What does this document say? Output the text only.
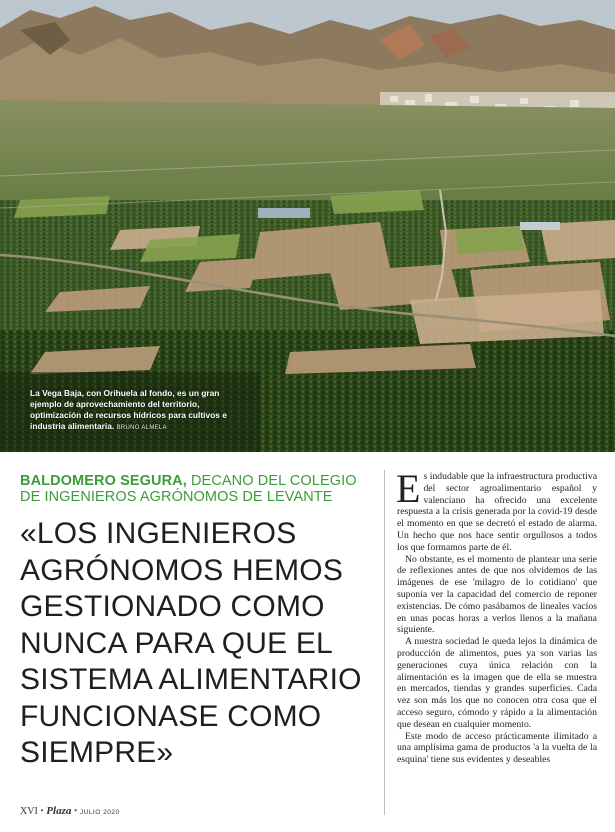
La Vega Baja, con Orihuela al fondo, es un gran ejemplo de aprovechamiento del territorio, optimización de recursos hídricos para cultivos e industria alimentaria. BRUNO ALMELA
BALDOMERO SEGURA, DECANO DEL COLEGIO DE INGENIEROS AGRÓNOMOS DE LEVANTE
«LOS INGENIEROS AGRÓNOMOS HEMOS GESTIONADO COMO NUNCA PARA QUE EL SISTEMA ALIMENTARIO FUNCIONASE COMO SIEMPRE»

Es indudable que la infraestructura productiva del sector agroalimentario español y valenciano ha ofrecido una excelente respuesta a la crisis generada por la covid-19 desde el momento en que se decretó el estado de alarma. Un hecho que nos hace sentir orgullosos a todos los que formamos parte de él.

No obstante, es el momento de plantear una serie de reflexiones antes de que nos olvidemos de las imágenes de ese 'milagro de lo cotidiano' que suponía ver la capacidad del comercio de reponer existencias. De cómo pasábamos de lineales vacíos en unas pocas horas a verlos llenos a la mañana siguiente.

A nuestra sociedad le queda lejos la dinámica de producción de alimentos, pues ya son varias las generaciones cuya única relación con la alimentación es la imagen que de ella se muestra en mercados, tiendas y grandes superficies. Cada vez son más los que no conocen otra cosa que el acceso seguro, cómodo y rápido a la alimentación que desean en cualquier momento.

Este modo de acceso prácticamente ilimitado a una amplísima gama de productos 'a la vuelta de la esquina' tiene sus evidentes y deseables

XVI • Plaza • JULIO 2020
